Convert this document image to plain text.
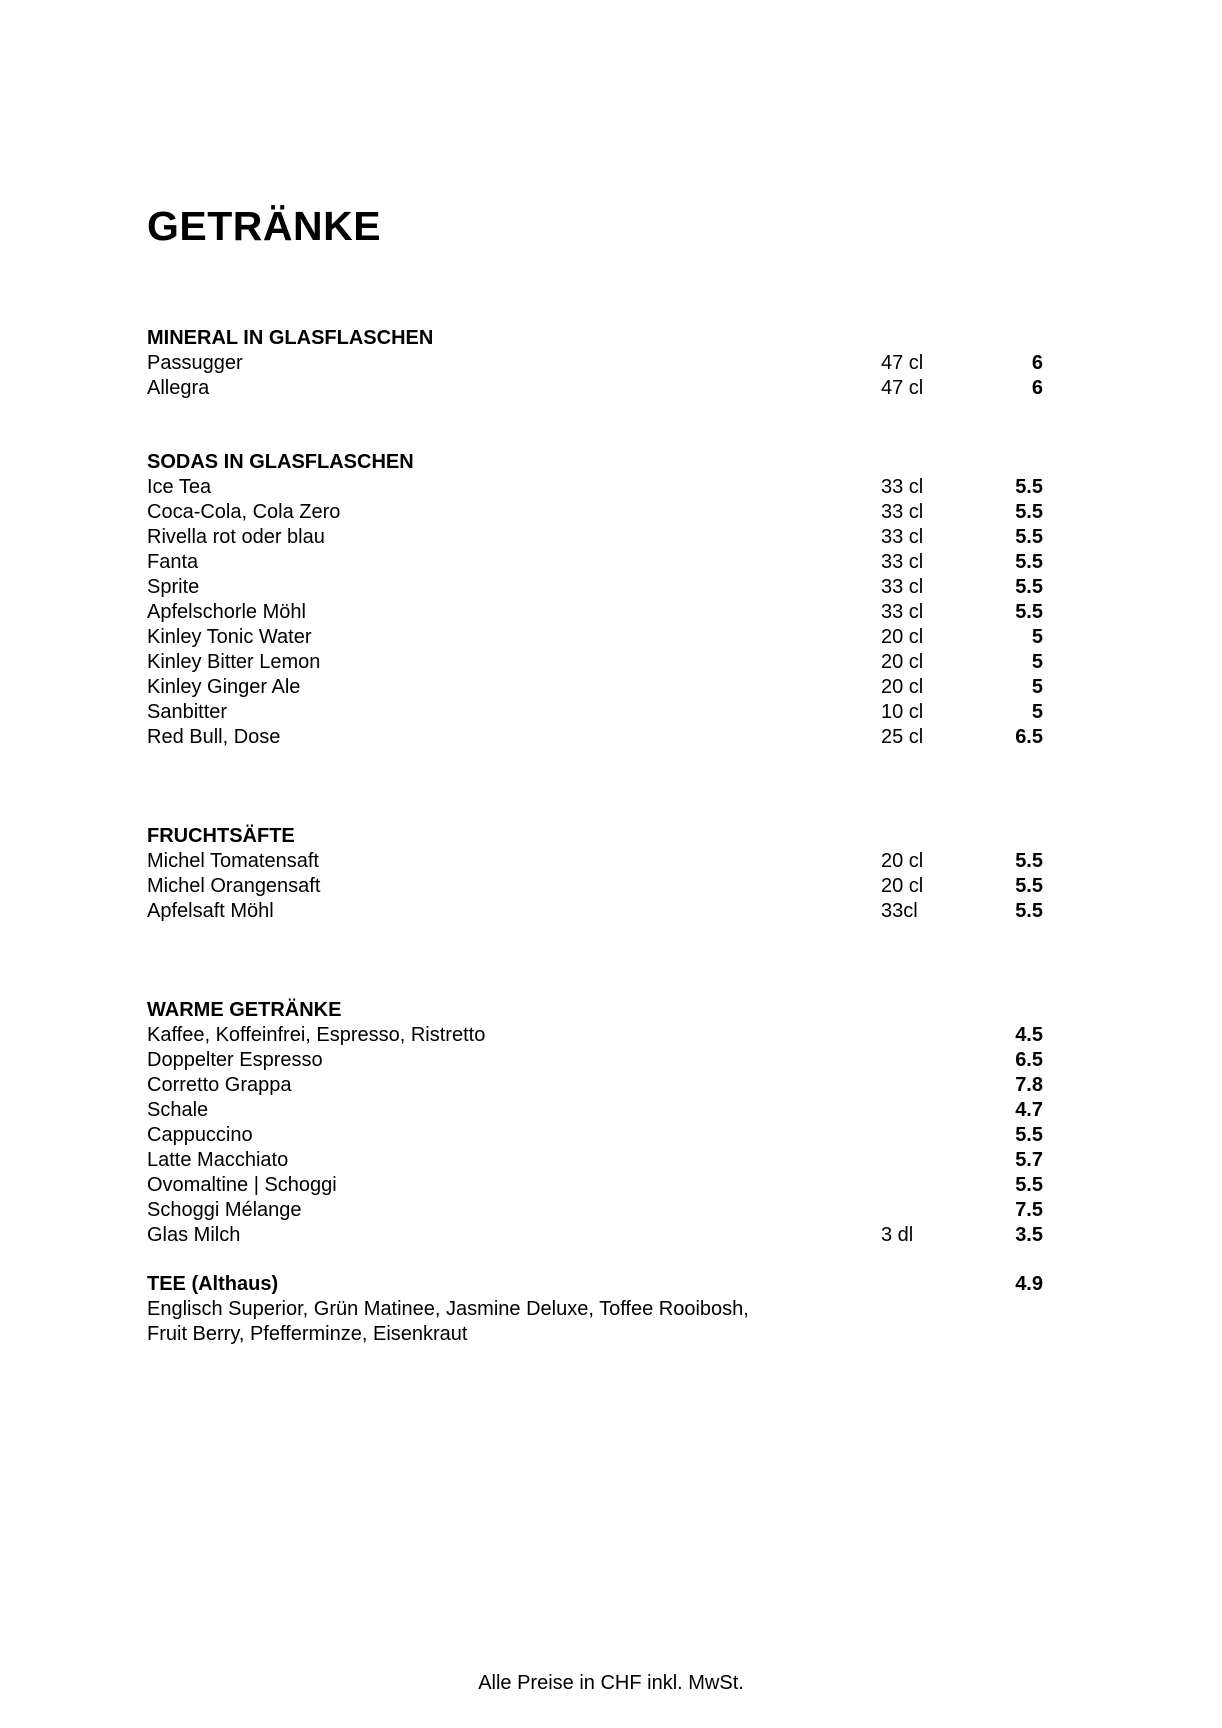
GETRÄNKE
MINERAL IN GLASFLASCHEN
Passugger	47 cl	6
Allegra	47 cl	6
SODAS IN GLASFLASCHEN
Ice Tea	33 cl	5.5
Coca-Cola, Cola Zero	33 cl	5.5
Rivella rot oder blau	33 cl	5.5
Fanta	33 cl	5.5
Sprite	33 cl	5.5
Apfelschorle Möhl	33 cl	5.5
Kinley Tonic Water	20 cl	5
Kinley Bitter Lemon	20 cl	5
Kinley Ginger Ale	20 cl	5
Sanbitter	10 cl	5
Red Bull, Dose	25 cl	6.5
FRUCHTSÄFTE
Michel Tomatensaft	20 cl	5.5
Michel Orangensaft	20 cl	5.5
Apfelsaft Möhl	33cl	5.5
WARME GETRÄNKE
Kaffee, Koffeinfrei, Espresso, Ristretto	4.5
Doppelter Espresso	6.5
Corretto Grappa	7.8
Schale	4.7
Cappuccino	5.5
Latte Macchiato	5.7
Ovomaltine | Schoggi	5.5
Schoggi Mélange	7.5
Glas Milch	3 dl	3.5
TEE (Althaus)	4.9
Englisch Superior, Grün Matinee, Jasmine Deluxe, Toffee Rooibosh,
Fruit Berry, Pfefferminze, Eisenkraut
Alle Preise in CHF inkl. MwSt.
